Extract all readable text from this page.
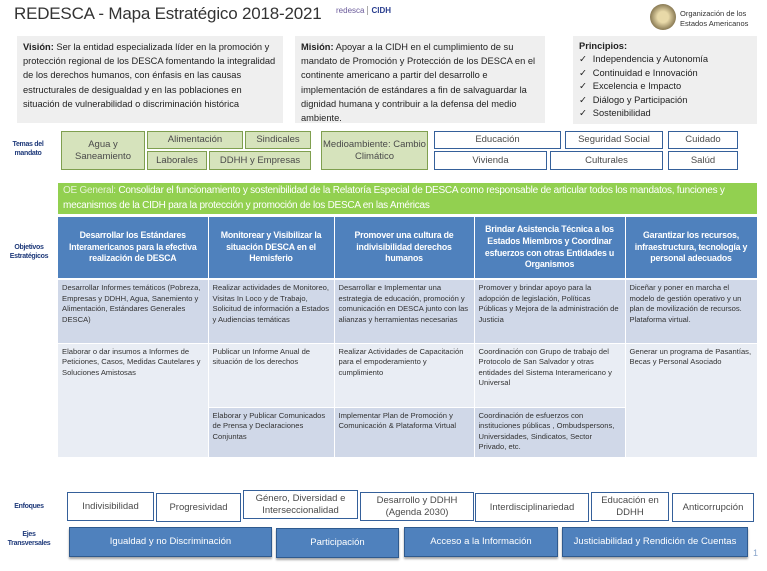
REDESCA - Mapa Estratégico 2018-2021 redesca CIDH	Organización de los
Estados Americanos
Visión: Ser la entidad especializada líder en la promoción y protección regional de los DESCA fomentando la integralidad de los derechos humanos, con énfasis en las causas estructurales de desigualdad y en las poblaciones en situación de vulnerabilidad o discriminación histórica
Misión: Apoyar a la CIDH en el cumplimiento de su mandato de Promoción y Protección de los DESCA en el continente americano a partir del desarrollo e implementación de estándares a fin de salvaguardar la dignidad humana y contribuir a la defensa del medio ambiente.
Principios:
✓ Independencia y Autonomía
✓ Continuidad e Innovación
✓ Excelencia e Impacto
✓ Diálogo y Participación
✓ Sostenibilidad
Temas del mandato
Agua y Saneamiento
Alimentación	Sindicales
Laborales	DDHH y Empresas
Medioambiente: Cambio Climático
Educación	Seguridad Social	Cuidado
Vivienda	Culturales	Salúd
Objetivos Estratégicos
OE General: Consolidar el funcionamiento y sostenibilidad de la Relatoría Especial de DESCA como responsable de articular todos los mandatos, funciones y mecanismos de la CIDH para la protección y promoción de los DESCA en las Américas
Desarrollar los Estándares Interamericanos para la efectiva realización de DESCA	Monitorear y Visibilizar la situación DESCA en el Hemisferio	Promover una cultura de indivisibilidad derechos humanos	Brindar Asistencia Técnica a los Estados Miembros y Coordinar esfuerzos con otras Entidades u Organismos	Garantizar los recursos, infraestructura, tecnología y personal adecuados
Desarrollar Informes temáticos (Pobreza, Empresas y DDHH, Agua, Sanemiento y Alimentación, Estándares Generales DESCA)	Realizar actividades de Monitoreo, Visitas In Loco y de Trabajo, Solicitud de información a Estados y Audiencias temáticas	Desarrollar e Implementar una estrategia de educación, promoción y comunicación en DESCA junto con las alianzas y herramientas necesarias	Promover y brindar apoyo para la adopción de legislación, Políticas Públicas y Mejora de la administración de Justicia	Diceñar y poner en marcha el modelo de gestión operativo y un plan de movilización de recursos. Plataforma virtual.
Elaborar o dar insumos a Informes de Peticiones, Casos, Medidas Cautelares y Soluciones Amistosas	Publicar un Informe Anual de situación de los derechos	Realizar Actividades de Capacitación para el empoderamiento y cumplimiento	Coordinación con Grupo de trabajo del Protocolo de San Salvador y otras entidades del Sistema Interamericano y Universal	Generar un programa de Pasantías, Becas y Personal Asociado
	Elaborar y Publicar Comunicados de Prensa y Declaraciones Conjuntas	Implementar Plan de Promoción y Comunicación & Plataforma Virtual	Coordinación de esfuerzos con instituciones públicas , Ombudspersons, Universidades, Sindicatos, Sector Privado, etc.	
Enfoques	Indivisibilidad	Progresividad
Género, Diversidad e Interseccionalidad
Desarrollo y DDHH (Agenda 2030)	Interdisciplinariedad
Educación en DDHH	Anticorrupción
Ejes Transversales	Igualdad y no Discriminación	Participación	Acceso a la Información	Justiciabilidad y Rendición de Cuentas
1
